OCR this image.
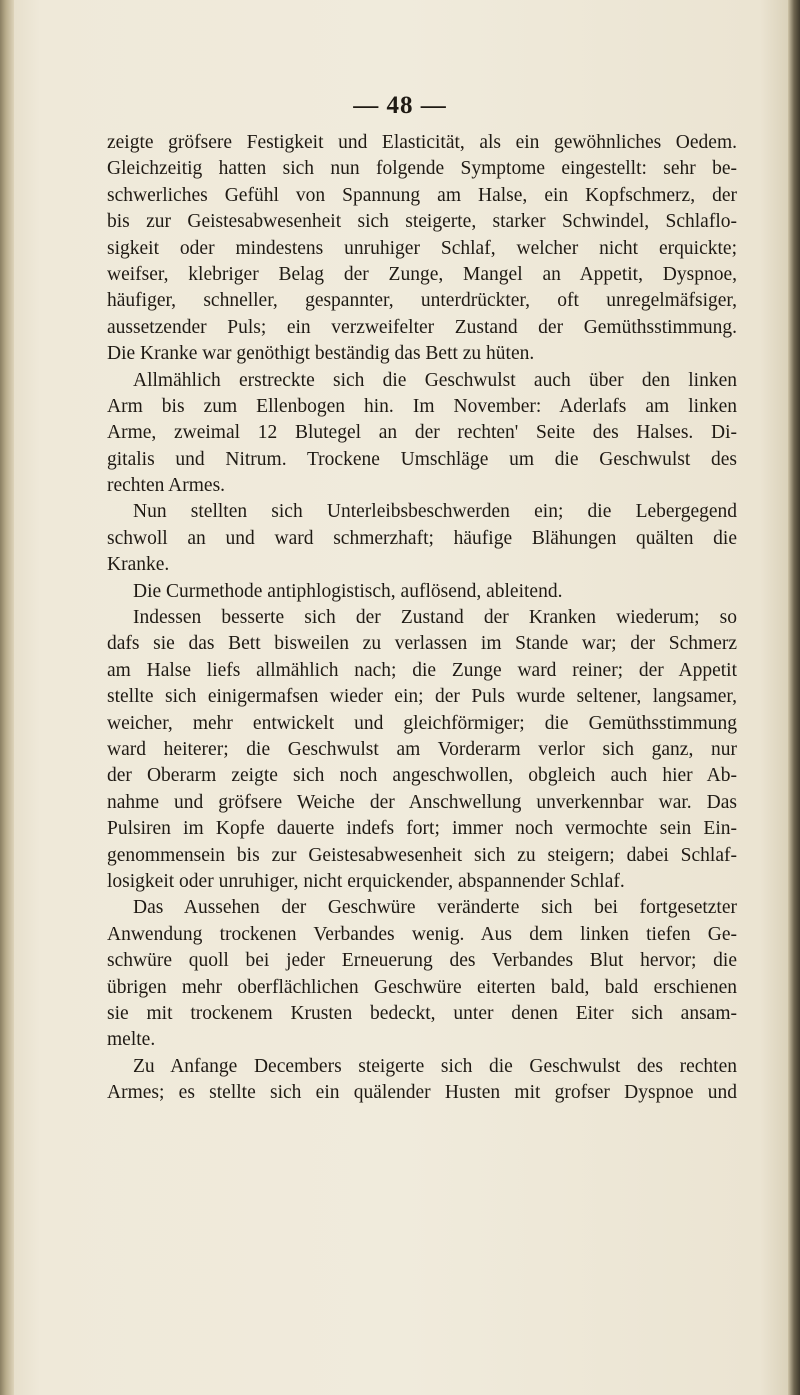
— 48 —
zeigte gröfsere Festigkeit und Elasticität, als ein gewöhnliches Oedem.
Gleichzeitig hatten sich nun folgende Symptome eingestellt: sehr be-
schwerliches Gefühl von Spannung am Halse, ein Kopfschmerz, der
bis zur Geistesabwesenheit sich steigerte, starker Schwindel, Schlaflo-
sigkeit oder mindestens unruhiger Schlaf, welcher nicht erquickte;
weifser, klebriger Belag der Zunge, Mangel an Appetit, Dyspnoe,
häufiger, schneller, gespannter, unterdrückter, oft unregelmäfsiger,
aussetzender Puls; ein verzweifelter Zustand der Gemüthsstimmung.
Die Kranke war genöthigt beständig das Bett zu hüten.
Allmählich erstreckte sich die Geschwulst auch über den linken
Arm bis zum Ellenbogen hin. Im November: Aderlafs am linken
Arme, zweimal 12 Blutegel an der rechten' Seite des Halses. Di-
gitalis und Nitrum. Trockene Umschläge um die Geschwulst des
rechten Armes.
Nun stellten sich Unterleibsbeschwerden ein; die Lebergegend
schwoll an und ward schmerzhaft; häufige Blähungen quälten die
Kranke.
Die Curmethode antiphlogistisch, auflösend, ableitend.
Indessen besserte sich der Zustand der Kranken wiederum; so
dafs sie das Bett bisweilen zu verlassen im Stande war; der Schmerz
am Halse liefs allmählich nach; die Zunge ward reiner; der Appetit
stellte sich einigermafsen wieder ein; der Puls wurde seltener, langsamer,
weicher, mehr entwickelt und gleichförmiger; die Gemüthsstimmung
ward heiterer; die Geschwulst am Vorderarm verlor sich ganz, nur
der Oberarm zeigte sich noch angeschwollen, obgleich auch hier Ab-
nahme und gröfsere Weiche der Anschwellung unverkennbar war. Das
Pulsiren im Kopfe dauerte indefs fort; immer noch vermochte sein Ein-
genommensein bis zur Geistesabwesenheit sich zu steigern; dabei Schlaf-
losigkeit oder unruhiger, nicht erquickender, abspannender Schlaf.
Das Aussehen der Geschwüre veränderte sich bei fortgesetzter
Anwendung trockenen Verbandes wenig. Aus dem linken tiefen Ge-
schwüre quoll bei jeder Erneuerung des Verbandes Blut hervor; die
übrigen mehr oberflächlichen Geschwüre eiterten bald, bald erschienen
sie mit trockenem Krusten bedeckt, unter denen Eiter sich ansam-
melte.
Zu Anfange Decembers steigerte sich die Geschwulst des rechten
Armes; es stellte sich ein quälender Husten mit grofser Dyspnoe und
